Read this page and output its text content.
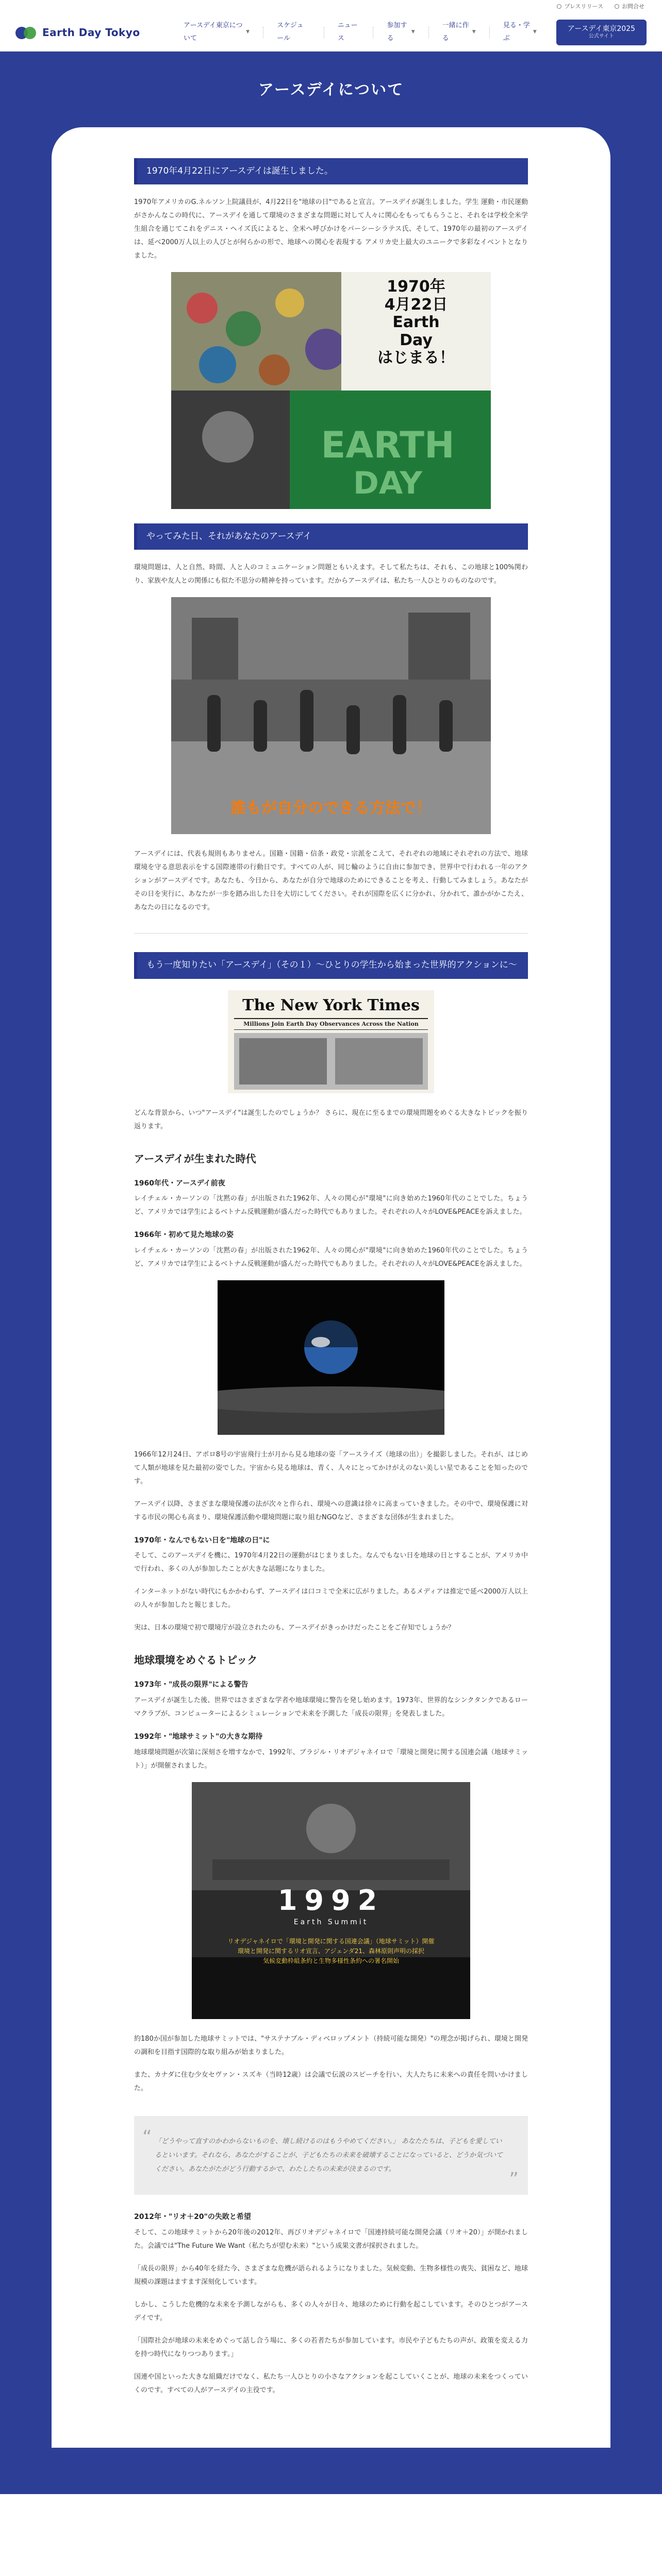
プレスリリース	お問合せ
Earth Day Tokyo
アースデイ東京について
▼
スケジュール
ニュース
参加する
▼
一緒に作る
▼
見る・学ぶ
▼	アースデイ東京2025
公式サイト
アースデイについて
1970年4月22日にアースデイは誕生しました。

1970年アメリカのG.ネルソン上院議員が、4月22日を"地球の日"であると宣言。アースデイが誕生しました。学生 運動・市民運動がさかんなこの時代に、アースデイを通して環境のさまざまな問題に対して人々に関心をもってもらうこと、それをは学校全米学生組合を通じてこれをデニス・ヘイズ氏によると、全米へ呼びかけをパーシーシラテス氏、そして、1970年の最初のアースデイは、延べ2000万人以上の人びとが何らかの形で、地球への関心を表現する アメリカ史上最大のユニークで多彩なイベントとなりました。

EARTH
DAY
1970年
4月22日
Earth
Day
はじまる！
やってみた日、それがあなたのアースデイ

環境問題は、人と自然、時間、人と人のコミュニケーション問題ともいえます。そして私たちは、それも、この地球と100%関わり、家族や友人との関係にも似た不思分の精神を持っています。だからアースデイは、私たち一人ひとりのものなのです。

誰もが自分のできる方法で！

アースデイには、代表も規則もありません。国籍・国籍・信条・政党・宗派をこえて、それぞれの地域にそれぞれの方法で、地球環境を守る意思表示をする国際連帯の行動日です。すべての人が、同じ輪のように自由に参加でき、世界中で行われる一年のアクションがアースデイです。あなたも、今日から、あなたが自分で地球のためにできることを考え、行動してみましょう。あなたがその日を実行に、あなたが一歩を踏み出した日を大切にしてください。それが国際を広くに分かれ、分かれて、誰かがかこたえ、あなたの日になるのです。

もう一度知りたい「アースデイ」（その１）〜ひとりの学生から始まった世界的アクションに〜
The New York Times
Millions Join Earth Day Observances Across the Nation

どんな背景から、いつ"アースデイ"は誕生したのでしょうか？ さらに、現在に至るまでの環境問題をめぐる大きなトピックを振り返ります。

アースデイが生まれた時代
1960年代・アースデイ前夜

レイチェル・カーソンの「沈黙の春」が出版された1962年、人々の関心が"環境"に向き始めた1960年代のことでした。ちょうど、アメリカでは学生によるベトナム反戦運動が盛んだった時代でもありました。それぞれの人々がLOVE&PEACEを訴えました。

1966年・初めて見た地球の姿

レイチェル・カーソンの「沈黙の春」が出版された1962年、人々の関心が"環境"に向き始めた1960年代のことでした。ちょうど、アメリカでは学生によるベトナム反戦運動が盛んだった時代でもありました。それぞれの人々がLOVE&PEACEを訴えました。

1966年12月24日、アポロ8号の宇宙飛行士が月から見る地球の姿「アースライズ（地球の出）」を撮影しました。それが、はじめて人類が地球を見た最初の姿でした。宇宙から見る地球は、青く、人々にとってかけがえのない美しい星であることを知ったのです。

アースデイ以降、さまざまな環境保護の法が次々と作られ、環境への意識は徐々に高まっていきました。その中で、環境保護に対する市民の関心も高まり、環境保護活動や環境問題に取り組むNGOなど、さまざまな団体が生まれました。

1970年・なんでもない日を"地球の日"に

そして、このアースデイを機に、1970年4月22日の運動がはじまりました。なんでもない日を地球の日とすることが、アメリカ中で行われ、多くの人が参加したことが大きな話題になりました。

インターネットがない時代にもかかわらず、アースデイは口コミで全米に広がりました。あるメディアは推定で延べ2000万人以上の人々が参加したと報じました。

実は、日本の環境で初で環境庁が設立されたのも、アースデイがきっかけだったことをご存知でしょうか？

地球環境をめぐるトピック
1973年・"成長の限界"による警告

アースデイが誕生した後、世界ではさまざまな学者や地球環境に警告を発し始めます。1973年、世界的なシンクタンクであるローマクラブが、コンピューターによるシミュレーションで未来を予測した「成長の限界」を発表しました。

1992年・"地球サミット"の大きな期待

地球環境問題が次第に深刻さを増すなかで、1992年、ブラジル・リオデジャネイロで「環境と開発に関する国連会議（地球サミット）」が開催されました。

1992
Earth Summit
リオデジャネイロで「環境と開発に関する国連会議」（地球サミット）開催
環境と開発に関するリオ宣言、アジェンダ21、森林原則声明の採択
気候変動枠組条約と生物多様性条約への署名開始

約180か国が参加した地球サミットでは、"サステナブル・ディベロップメント（持続可能な開発）"の理念が掲げられ、環境と開発の調和を目指す国際的な取り組みが始まりました。

また、カナダに住む少女セヴァン・スズキ（当時12歳）は会議で伝説のスピーチを行い、大人たちに未来への責任を問いかけました。

“ 「どうやって直すのかわからないものを、壊し続けるのはもうやめてください。」 あなたたちは、子どもを愛しているといいます。それなら、あなたがすることが、子どもたちの未来を破壊することになっていると、どうか気づいてください。あなたがたがどう行動するかで、わたしたちの未来が決まるのです。	”
2012年・"リオ＋20"の失敗と希望

そして、この地球サミットから20年後の2012年、再びリオデジャネイロで「国連持続可能な開発会議（リオ＋20）」が開かれました。会議では"The Future We Want（私たちが望む未来）"という成果文書が採択されました。

「成長の限界」から40年を経た今、さまざまな危機が語られるようになりました。気候変動、生物多様性の喪失、貧困など、地球規模の課題はますます深刻化しています。

しかし、こうした危機的な未来を予測しながらも、多くの人々が日々、地球のために行動を起こしています。そのひとつがアースデイです。

「国際社会が地球の未来をめぐって話し合う場に、多くの若者たちが参加しています。市民や子どもたちの声が、政策を変える力を持つ時代になりつつあります。」

国連や国といった大きな組織だけでなく、私たち一人ひとりの小さなアクションを起こしていくことが、地球の未来をつくっていくのです。すべての人がアースデイの主役です。
